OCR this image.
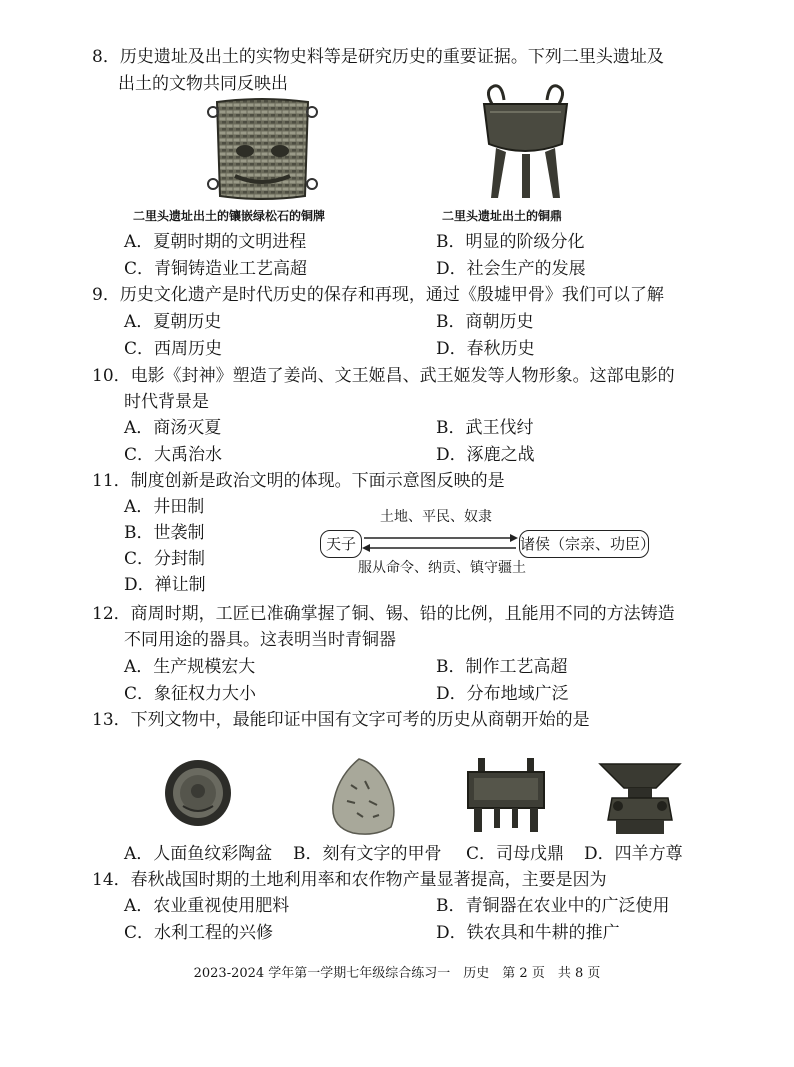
8．历史遗址及出土的实物史料等是研究历史的重要证据。下列二里头遗址及
出土的文物共同反映出
二里头遗址出土的镶嵌绿松石的铜牌	二里头遗址出土的铜鼎
A．夏朝时期的文明进程	B．明显的阶级分化
C．青铜铸造业工艺高超	D．社会生产的发展
9．历史文化遗产是时代历史的保存和再现，通过《殷墟甲骨》我们可以了解
A．夏朝历史	B．商朝历史
C．西周历史	D．春秋历史
10．电影《封神》塑造了姜尚、文王姬昌、武王姬发等人物形象。这部电影的
时代背景是
A．商汤灭夏	B．武王伐纣
C．大禹治水	D．涿鹿之战
11．制度创新是政治文明的体现。下面示意图反映的是
A．井田制
B．世袭制
C．分封制
D．禅让制
土地、平民、奴隶
天子	诸侯（宗亲、功臣）
服从命令、纳贡、镇守疆土
12．商周时期，工匠已准确掌握了铜、锡、铅的比例，且能用不同的方法铸造
不同用途的器具。这表明当时青铜器
A．生产规模宏大	B．制作工艺高超
C．象征权力大小	D．分布地域广泛
13．下列文物中，最能印证中国有文字可考的历史从商朝开始的是
A．人面鱼纹彩陶盆 B．刻有文字的甲骨 C．司母戊鼎 D．四羊方尊
14．春秋战国时期的土地利用率和农作物产量显著提高，主要是因为
A．农业重视使用肥料	B．青铜器在农业中的广泛使用
C．水利工程的兴修	D．铁农具和牛耕的推广
2023-2024 学年第一学期七年级综合练习一　历史　第 2 页　共 8 页
